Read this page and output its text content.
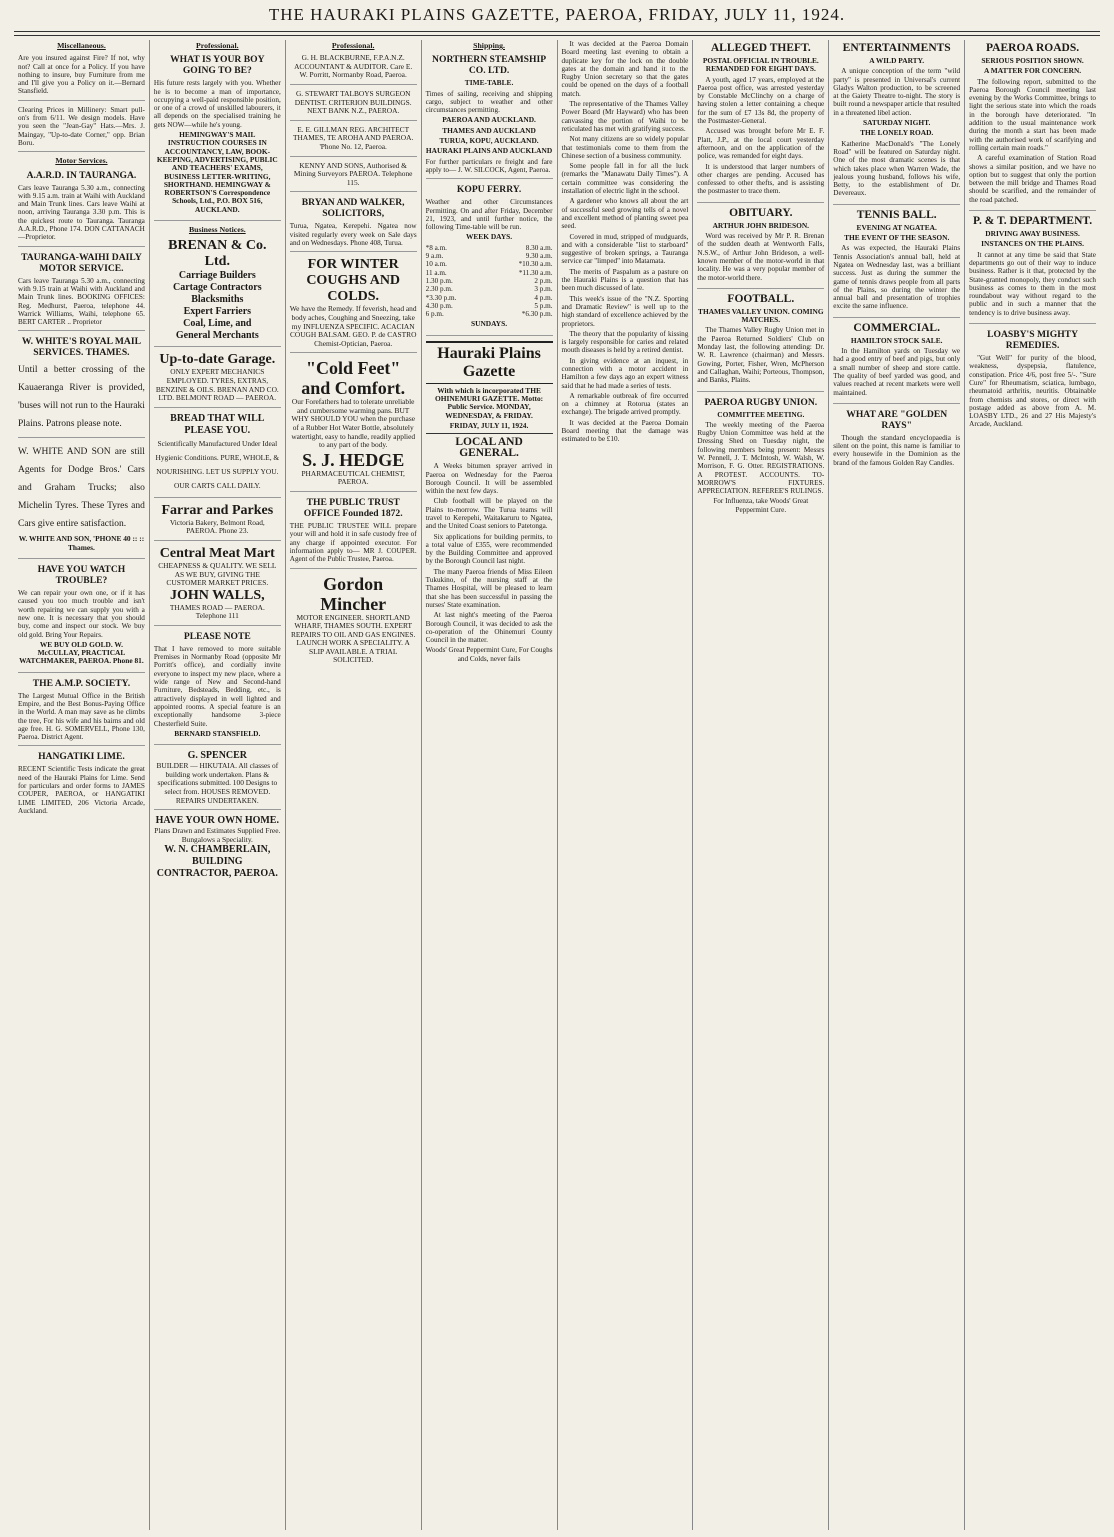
THE HAURAKI PLAINS GAZETTE, PAEROA, FRIDAY, JULY 11, 1924.
Miscellaneous.
Are you insured against Fire? If not, why not? Call at once for a Policy. If you have nothing to insure, buy Furniture from me and I'll give you a Policy on it.—Bernard Stansfield.
Clearing Prices in Millinery: Smart pull-on's from 6/11. We design models. Have you seen the "Jean-Gay" Hats.—Mrs. J. Maingay, "Up-to-date Corner," opp. Brian Boru.
Motor Services.
A.A.R.D. IN TAURANGA.
Cars leave Tauranga 5.30 a.m., connecting with 9.15 a.m. train at Waihi with Auckland and Main Trunk lines. Cars leave Waihi at noon, arriving Tauranga 3.30 p.m. This is the quickest route to Tauranga. Tauranga A.A.R.D., Phone 174. DON CATTANACH—Proprietor.
TAURANGA-WAIHI DAILY MOTOR SERVICE.
Cars leave Tauranga 5.30 a.m., connecting with 9.15 train at Waihi with Auckland and Main Trunk lines. BOOKING OFFICES: Reg. Medhurst, Paeroa, telephone 44. Warrick Williams, Waihi, telephone 65. BERT CARTER .. Proprietor
W. WHITE'S ROYAL MAIL SERVICES. THAMES.
Until a better crossing of the Kauaeranga River is provided, 'buses will not run to the Hauraki Plains. Patrons please note.
W. WHITE AND SON are still Agents for Dodge Bros.' Cars and Graham Trucks; also Michelin Tyres. These Tyres and Cars give entire satisfaction.
W. WHITE AND SON, 'PHONE 40 :: :: Thames.
HAVE YOU WATCH TROUBLE?
We can repair your own one, or if it has caused you too much trouble and isn't worth repairing we can supply you with a new one. It is necessary that you should buy, come and inspect our stock. We buy old gold. Bring Your Repairs.
WE BUY OLD GOLD. W. McCULLAY, PRACTICAL WATCHMAKER, PAEROA. Phone 81.
THE A.M.P. SOCIETY.
The Largest Mutual Office in the British Empire, and the Best Bonus-Paying Office in the World. A man may save as he climbs the tree, For his wife and his bairns and old age free. H. G. SOMERVELL, Phone 130, Paeroa. District Agent.
HANGATIKI LIME.
RECENT Scientific Tests indicate the great need of the Hauraki Plains for Lime. Send for particulars and order forms to JAMES COUPER, PAEROA, or HANGATIKI LIME LIMITED, 206 Victoria Arcade, Auckland.
Professional.
WHAT IS YOUR BOY GOING TO BE?
His future rests largely with you. Whether he is to become a man of importance, occupying a well-paid responsible position, or one of a crowd of unskilled labourers, it all depends on the specialised training he gets NOW—while he's young.
HEMINGWAY'S MAIL INSTRUCTION COURSES IN ACCOUNTANCY, LAW, BOOK-KEEPING, ADVERTISING, PUBLIC AND TEACHERS' EXAMS, BUSINESS LETTER-WRITING, SHORTHAND. HEMINGWAY & ROBERTSON'S Correspondence Schools, Ltd., P.O. BOX 516, AUCKLAND.
Business Notices.
BRENAN & Co. Ltd.
Carriage Builders
Cartage Contractors
Blacksmiths
Expert Farriers
Coal, Lime, and
General Merchants
Up-to-date Garage.
ONLY EXPERT MECHANICS EMPLOYED. TYRES, EXTRAS, BENZINE & OILS. BRENAN AND CO. LTD. BELMONT ROAD — PAEROA.
BREAD THAT WILL PLEASE YOU.
Scientifically Manufactured Under Ideal Hygienic Conditions. PURE, WHOLE, & NOURISHING. LET US SUPPLY YOU. OUR CARTS CALL DAILY.
Farrar and Parkes
Victoria Bakery, Belmont Road, PAEROA. Phone 23.
Central Meat Mart
CHEAPNESS & QUALITY. WE SELL AS WE BUY, GIVING THE CUSTOMER MARKET PRICES.
JOHN WALLS,
THAMES ROAD — PAEROA. Telephone 111
PLEASE NOTE
That I have removed to more suitable Premises in Normanby Road (opposite Mr Porritt's office), and cordially invite everyone to inspect my new place, where a wide range of New and Second-hand Furniture, Bedsteads, Bedding, etc., is attractively displayed in well lighted and appointed rooms. A special feature is an exceptionally handsome 3-piece Chesterfield Suite.
BERNARD STANSFIELD.
G. SPENCER
BUILDER — HIKUTAIA. All classes of building work undertaken. Plans & specifications submitted. 100 Designs to select from. HOUSES REMOVED. REPAIRS UNDERTAKEN.
HAVE YOUR OWN HOME.
Plans Drawn and Estimates Supplied Free. Bungalows a Speciality.
W. N. CHAMBERLAIN, BUILDING CONTRACTOR, PAEROA.
Professional.
G. H. BLACKBURNE, F.P.A.N.Z. ACCOUNTANT & AUDITOR. Care E. W. Porritt, Normanby Road, Paeroa.
G. STEWART TALBOYS SURGEON DENTIST. CRITERION BUILDINGS. NEXT BANK N.Z., PAEROA.
E. E. GILLMAN REG. ARCHITECT THAMES, TE AROHA AND PAEROA. 'Phone No. 12, Paeroa.
KENNY AND SONS, Authorised & Mining Surveyors PAEROA. Telephone 115.
BRYAN AND WALKER, SOLICITORS,
Turua, Ngatea, Kerepehi. Ngatea now visited regularly every week on Sale days and on Wednesdays. Phone 408, Turua.
FOR WINTER COUGHS AND COLDS.
We have the Remedy. If feverish, head and body aches, Coughing and Sneezing, take my INFLUENZA SPECIFIC. ACACIAN COUGH BALSAM. GEO. P. de CASTRO Chemist-Optician, Paeroa.
"Cold Feet" and Comfort.
Our Forefathers had to tolerate unreliable and cumbersome warming pans. BUT WHY SHOULD YOU when the purchase of a Rubber Hot Water Bottle, absolutely watertight, easy to handle, readily applied to any part of the body.
S. J. HEDGE
PHARMACEUTICAL CHEMIST, PAEROA.
THE PUBLIC TRUST OFFICE Founded 1872.
THE PUBLIC TRUSTEE WILL prepare your will and hold it in safe custody free of any charge if appointed executor. For information apply to— MR J. COUPER. Agent of the Public Trustee, Paeroa.
Gordon Mincher
MOTOR ENGINEER. SHORTLAND WHARF, THAMES SOUTH. EXPERT REPAIRS TO OIL AND GAS ENGINES. LAUNCH WORK A SPECIALITY. A SLIP AVAILABLE. A TRIAL SOLICITED.
Shipping.
NORTHERN STEAMSHIP CO. LTD.
TIME-TABLE.
Times of sailing, receiving and shipping cargo, subject to weather and other circumstances permitting.
PAEROA AND AUCKLAND.
THAMES AND AUCKLAND
TURUA, KOPU, AUCKLAND.
HAURAKI PLAINS AND AUCKLAND
For further particulars re freight and fare apply to— J. W. SILCOCK, Agent, Paeroa.
KOPU FERRY.
Weather and other Circumstances Permitting. On and after Friday, December 21, 1923, and until further notice, the following Time-table will be run.
WEEK DAYS.
*8 a.m.	8.30 a.m.
9 a.m.	9.30 a.m.
10 a.m.	*10.30 a.m.
11 a.m.	*11.30 a.m.
1.30 p.m.	2 p.m.
2.30 p.m.	3 p.m.
*3.30 p.m.	4 p.m.
4.30 p.m.	5 p.m.
6 p.m.	*6.30 p.m.
SUNDAYS.
Hauraki Plains Gazette
With which is incorporated THE OHINEMURI GAZETTE. Motto: Public Service. MONDAY, WEDNESDAY, & FRIDAY.
FRIDAY, JULY 11, 1924.
LOCAL AND GENERAL.

A Weeks bitumen sprayer arrived in Paeroa on Wednesday for the Paeroa Borough Council. It will be assembled within the next few days.

Club football will be played on the Plains to-morrow. The Turua teams will travel to Kerepehi, Waitakaruru to Ngatea, and the United Coast seniors to Patetonga.

Six applications for building permits, to a total value of £355, were recommended by the Building Committee and approved by the Borough Council last night.

The many Paeroa friends of Miss Eileen Tukukino, of the nursing staff at the Thames Hospital, will be pleased to learn that she has been successful in passing the nurses' State examination.

At last night's meeting of the Paeroa Borough Council, it was decided to ask the co-operation of the Ohinemuri County Council in the matter.

Woods' Great Peppermint Cure, For Coughs and Colds, never fails

It was decided at the Paeroa Domain Board meeting last evening to obtain a duplicate key for the lock on the double gates at the domain and hand it to the Rugby Union secretary so that the gates could be opened on the days of a football match.

The representative of the Thames Valley Power Board (Mr Hayward) who has been canvassing the portion of Waihi to be reticulated has met with gratifying success.

Not many citizens are so widely popular that testimonials come to them from the Chinese section of a business community.

Some people fall in for all the luck (remarks the "Manawatu Daily Times"). A certain committee was considering the installation of electric light in the school.

A gardener who knows all about the art of successful seed growing tells of a novel and excellent method of planting sweet pea seed.

Covered in mud, stripped of mudguards, and with a considerable "list to starboard" suggestive of broken springs, a Taurangа service car "limped" into Matamata.

The merits of Paspalum as a pasture on the Hauraki Plains is a question that has been much discussed of late.

This week's issue of the "N.Z. Sporting and Dramatic Review" is well up to the high standard of excellence achieved by the proprietors.

The theory that the popularity of kissing is largely responsible for caries and related mouth diseases is held by a retired dentist.

In giving evidence at an inquest, in connection with a motor accident in Hamilton a few days ago an expert witness said that he had made a series of tests.

A remarkable outbreak of fire occurred on a chimney at Rotorua (states an exchange). The brigade arrived promptly.

It was decided at the Paeroa Domain Board meeting that the damage was estimated to be £10.

ALLEGED THEFT.
POSTAL OFFICIAL IN TROUBLE. REMANDED FOR EIGHT DAYS.

A youth, aged 17 years, employed at the Paeroa post office, was arrested yesterday by Constable McClinchy on a charge of having stolen a letter containing a cheque for the sum of £7 13s 8d, the property of the Postmaster-General.

Accused was brought before Mr E. F. Platt, J.P., at the local court yesterday afternoon, and on the application of the police, was remanded for eight days.

It is understood that larger numbers of other charges are pending. Accused has confessed to other thefts, and is assisting the postmaster to trace them.

OBITUARY.
ARTHUR JOHN BRIDESON.

Word was received by Mr P. R. Brenan of the sudden death at Wentworth Falls, N.S.W., of Arthur John Brideson, a well-known member of the motor-world in that locality. He was a very popular member of the motor-world there.

FOOTBALL.
THAMES VALLEY UNION. COMING MATCHES.

The Thames Valley Rugby Union met in the Paeroa Returned Soldiers' Club on Monday last, the following attending: Dr. W. R. Lawrence (chairman) and Messrs. Gowing, Porter, Fisher, Wren, McPherson and Callaghan, Waihi; Porteous, Thompson, and Banks, Plains.

PAEROA RUGBY UNION.
COMMITTEE MEETING.

The weekly meeting of the Paeroa Rugby Union Committee was held at the Dressing Shed on Tuesday night, the following members being present: Messrs W. Pennell, J. T. McIntosh, W. Walsh, W. Morrison, F. G. Otter. REGISTRATIONS. A PROTEST. ACCOUNTS. TO-MORROW'S FIXTURES. APPRECIATION. REFEREE'S RULINGS.

For Influenza, take Woods' Great Peppermint Cure.

ENTERTAINMENTS
A WILD PARTY.

A unique conception of the term "wild party" is presented in Universal's current Gladys Walton production, to be screened at the Gaiety Theatre to-night. The story is built round a newspaper article that resulted in a threatened libel action.

SATURDAY NIGHT.
THE LONELY ROAD.

Katherine MacDonald's "The Lonely Road" will be featured on Saturday night. One of the most dramatic scenes is that which takes place when Warren Wade, the jealous young husband, follows his wife, Betty, to the establishment of Dr. Devereaux.

TENNIS BALL.
EVENING AT NGATEA.
THE EVENT OF THE SEASON.

As was expected, the Hauraki Plains Tennis Association's annual ball, held at Ngatea on Wednesday last, was a brilliant success. Just as during the summer the game of tennis draws people from all parts of the Plains, so during the winter the annual ball and presentation of trophies excite the same influence.

COMMERCIAL.
HAMILTON STOCK SALE.

In the Hamilton yards on Tuesday we had a good entry of beef and pigs, but only a small number of sheep and store cattle. The quality of beef yarded was good, and values reached at recent markets were well maintained.

WHAT ARE "GOLDEN RAYS"

Though the standard encyclopaedia is silent on the point, this name is familiar to every housewife in the Dominion as the brand of the famous Golden Ray Candles.

PAEROA ROADS.
SERIOUS POSITION SHOWN.
A MATTER FOR CONCERN.

The following report, submitted to the Paeroa Borough Council meeting last evening by the Works Committee, brings to light the serious state into which the roads in the borough have deteriorated. "In addition to the usual maintenance work during the month a start has been made with the authorised work of scarifying and rolling certain main roads."

A careful examination of Station Road shows a similar position, and we have no option but to suggest that only the portion between the mill bridge and Thames Road should be scarified, and the remainder of the road patched.

P. & T. DEPARTMENT.
DRIVING AWAY BUSINESS.
INSTANCES ON THE PLAINS.

It cannot at any time be said that State departments go out of their way to induce business. Rather is it that, protected by the State-granted monopoly, they conduct such business as comes to them in the most roundabout way without regard to the public and in such a manner that the tendency is to drive business away.

LOASBY'S MIGHTY REMEDIES.

"Gut Well" for purity of the blood, weakness, dyspepsia, flatulence, constipation. Price 4/6, post free 5/-. "Sure Cure" for Rheumatism, sciatica, lumbago, rheumatoid arthritis, neuritis. Obtainable from chemists and stores, or direct with postage added as above from A. M. LOASBY LTD., 26 and 27 His Majesty's Arcade, Auckland.
